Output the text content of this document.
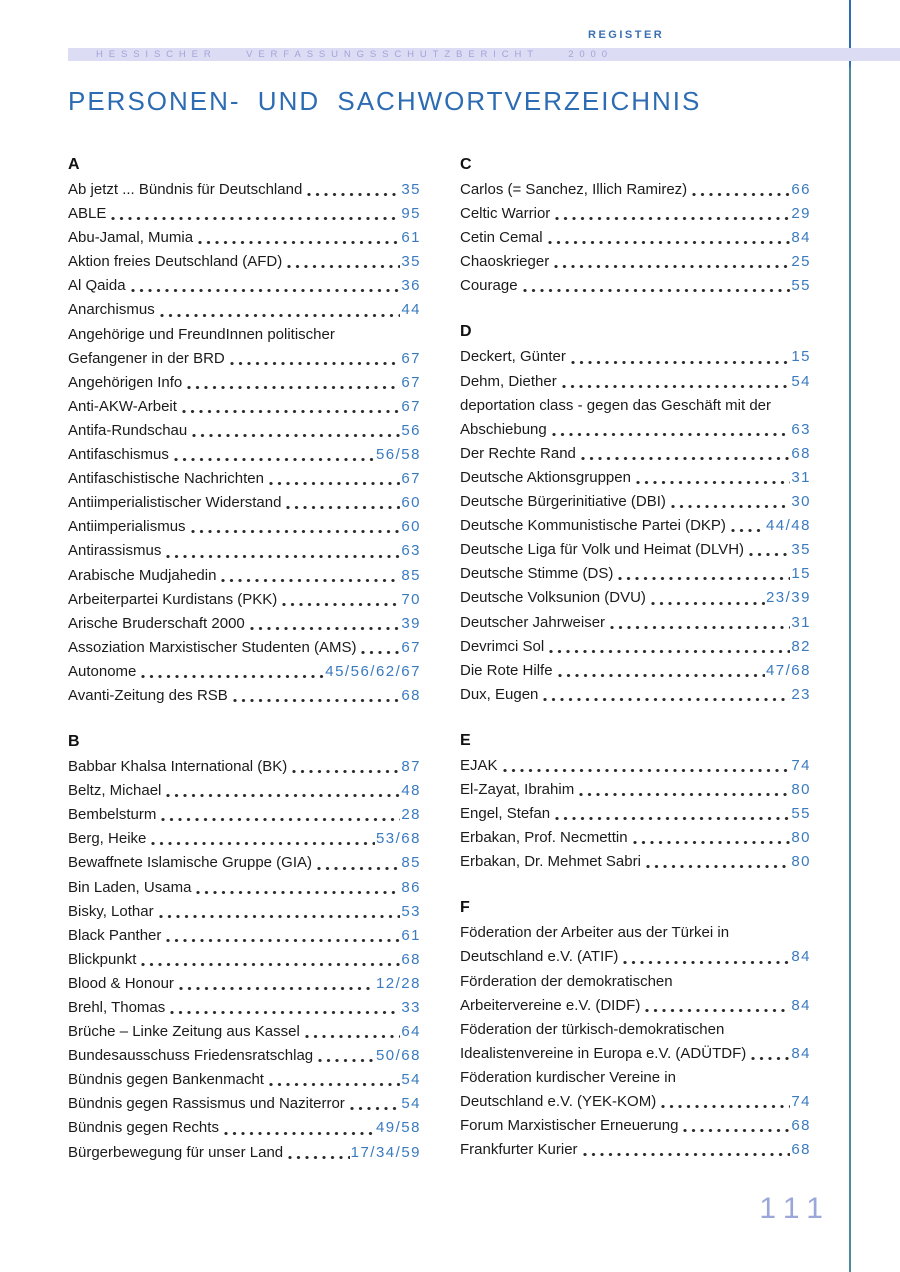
REGISTER
HESSISCHER VERFASSUNGSSCHUTZBERICHT 2000
PERSONEN- UND SACHWORTVERZEICHNIS
A
Ab jetzt ... Bündnis für Deutschland	35
ABLE	95
Abu-Jamal, Mumia	61
Aktion freies Deutschland (AFD)	35
Al Qaida	36
Anarchismus	44
Angehörige und FreundInnen politischer
Gefangener in der BRD	67
Angehörigen Info	67
Anti-AKW-Arbeit	67
Antifa-Rundschau	56
Antifaschismus	56/58
Antifaschistische Nachrichten	67
Antiimperialistischer Widerstand	60
Antiimperialismus	60
Antirassismus	63
Arabische Mudjahedin	85
Arbeiterpartei Kurdistans (PKK)	70
Arische Bruderschaft 2000	39
Assoziation Marxistischer Studenten (AMS)	67
Autonome	45/56/62/67
Avanti-Zeitung des RSB	68
B
Babbar Khalsa International (BK)	87
Beltz, Michael	48
Bembelsturm	28
Berg, Heike	53/68
Bewaffnete Islamische Gruppe (GIA)	85
Bin Laden, Usama	86
Bisky, Lothar	53
Black Panther	61
Blickpunkt	68
Blood & Honour	12/28
Brehl, Thomas	33
Brüche – Linke Zeitung aus Kassel	64
Bundesausschuss Friedensratschlag	50/68
Bündnis gegen Bankenmacht	54
Bündnis gegen Rassismus und Naziterror	54
Bündnis gegen Rechts	49/58
Bürgerbewegung für unser Land	17/34/59
C
Carlos (= Sanchez, Illich Ramirez)	66
Celtic Warrior	29
Cetin Cemal	84
Chaoskrieger	25
Courage	55
D
Deckert, Günter	15
Dehm, Diether	54
deportation class - gegen das Geschäft mit der
Abschiebung	63
Der Rechte Rand	68
Deutsche Aktionsgruppen	31
Deutsche Bürgerinitiative (DBI)	30
Deutsche Kommunistische Partei (DKP)	44/48
Deutsche Liga für Volk und Heimat (DLVH)	35
Deutsche Stimme (DS)	15
Deutsche Volksunion (DVU)	23/39
Deutscher Jahrweiser	31
Devrimci Sol	82
Die Rote Hilfe	47/68
Dux, Eugen	23
E
EJAK	74
El-Zayat, Ibrahim	80
Engel, Stefan	55
Erbakan, Prof. Necmettin	80
Erbakan, Dr. Mehmet Sabri	80
F
Föderation der Arbeiter aus der Türkei in
Deutschland e.V. (ATIF)	84
Förderation der demokratischen
Arbeitervereine e.V. (DIDF)	84
Föderation der türkisch-demokratischen
Idealistenvereine in Europa e.V. (ADÜTDF)	84
Föderation kurdischer Vereine in
Deutschland e.V. (YEK-KOM)	74
Forum Marxistischer Erneuerung	68
Frankfurter Kurier	68
111
